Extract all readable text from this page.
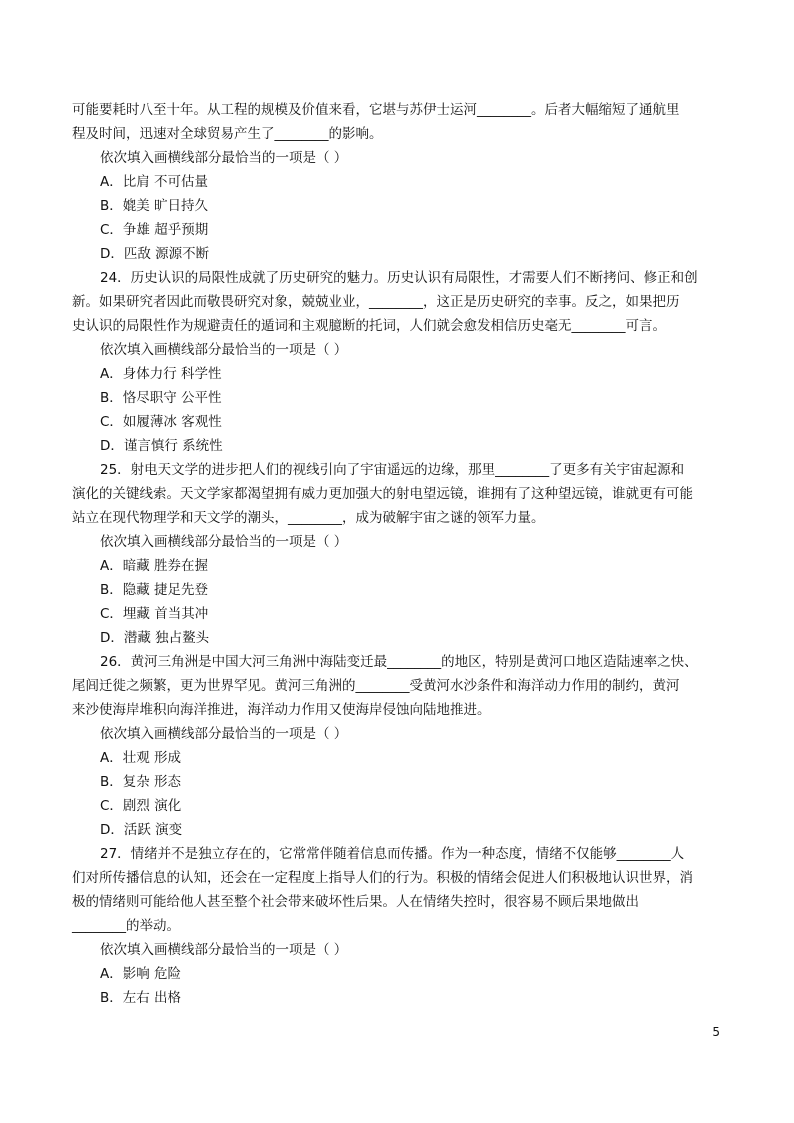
可能要耗时八至十年。从工程的规模及价值来看，它堪与苏伊士运河________。后者大幅缩短了通航里
程及时间，迅速对全球贸易产生了________的影响。
依次填入画横线部分最恰当的一项是（ ）
A．比肩 不可估量
B．媲美 旷日持久
C．争雄 超乎预期
D．匹敌 源源不断
24．历史认识的局限性成就了历史研究的魅力。历史认识有局限性，才需要人们不断拷问、修正和创
新。如果研究者因此而敬畏研究对象，兢兢业业，________，这正是历史研究的幸事。反之，如果把历
史认识的局限性作为规避责任的遁词和主观臆断的托词，人们就会愈发相信历史毫无________可言。
依次填入画横线部分最恰当的一项是（ ）
A．身体力行 科学性
B．恪尽职守 公平性
C．如履薄冰 客观性
D．谨言慎行 系统性
25．射电天文学的进步把人们的视线引向了宇宙遥远的边缘，那里________了更多有关宇宙起源和
演化的关键线索。天文学家都渴望拥有威力更加强大的射电望远镜，谁拥有了这种望远镜，谁就更有可能
站立在现代物理学和天文学的潮头，________，成为破解宇宙之谜的领军力量。
依次填入画横线部分最恰当的一项是（ ）
A．暗藏 胜券在握
B．隐藏 捷足先登
C．埋藏 首当其冲
D．潜藏 独占鳌头
26．黄河三角洲是中国大河三角洲中海陆变迁最________的地区，特别是黄河口地区造陆速率之快、
尾闾迁徙之频繁，更为世界罕见。黄河三角洲的________受黄河水沙条件和海洋动力作用的制约，黄河
来沙使海岸堆积向海洋推进，海洋动力作用又使海岸侵蚀向陆地推进。
依次填入画横线部分最恰当的一项是（ ）
A．壮观 形成
B．复杂 形态
C．剧烈 演化
D．活跃 演变
27．情绪并不是独立存在的，它常常伴随着信息而传播。作为一种态度，情绪不仅能够________人
们对所传播信息的认知，还会在一定程度上指导人们的行为。积极的情绪会促进人们积极地认识世界，消
极的情绪则可能给他人甚至整个社会带来破坏性后果。人在情绪失控时，很容易不顾后果地做出
________的举动。
依次填入画横线部分最恰当的一项是（ ）
A．影响 危险
B．左右 出格
5
